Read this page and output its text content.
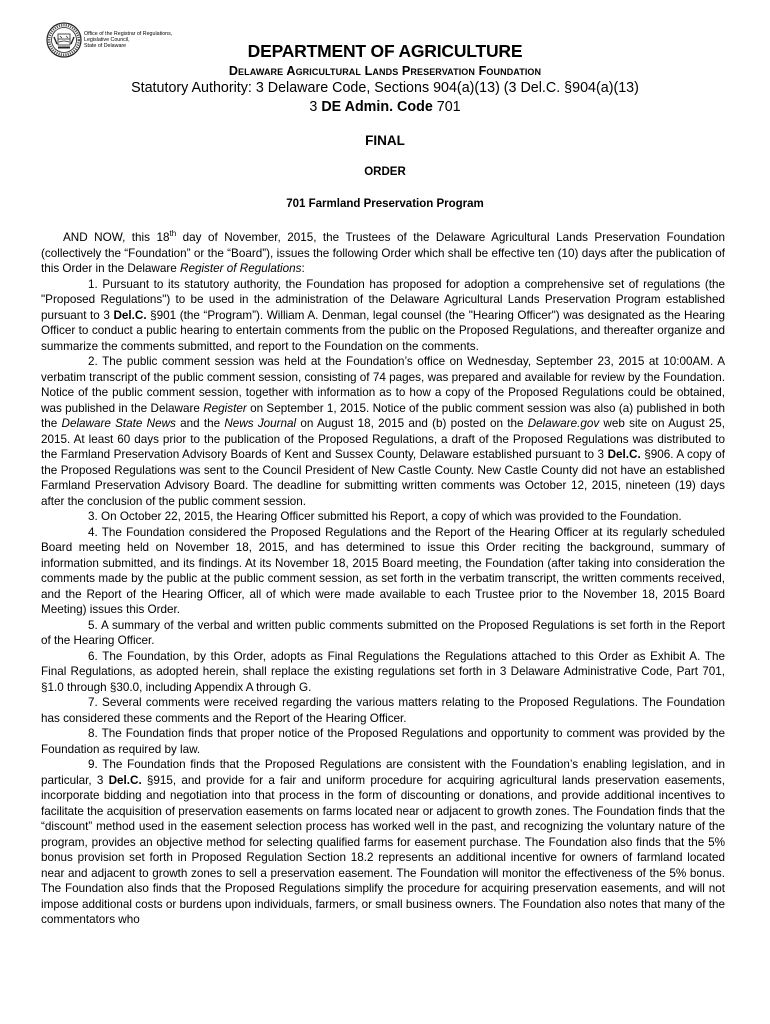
Office of the Registrar of Regulations,
Legislative Council,
State of Delaware	DEPARTMENT OF AGRICULTURE
Delaware Agricultural Lands Preservation Foundation
Statutory Authority: 3 Delaware Code, Sections 904(a)(13) (3 Del.C. §904(a)(13)
3 DE Admin. Code 701
FINAL
ORDER
701 Farmland Preservation Program

AND NOW, this 18th day of November, 2015, the Trustees of the Delaware Agricultural Lands Preservation Foundation (collectively the “Foundation” or the “Board”), issues the following Order which shall be effective ten (10) days after the publication of this Order in the Delaware Register of Regulations:

1. Pursuant to its statutory authority, the Foundation has proposed for adoption a comprehensive set of regulations (the "Proposed Regulations") to be used in the administration of the Delaware Agricultural Lands Preservation Program established pursuant to 3 Del.C. §901 (the “Program”). William A. Denman, legal counsel (the "Hearing Officer") was designated as the Hearing Officer to conduct a public hearing to entertain comments from the public on the Proposed Regulations, and thereafter organize and summarize the comments submitted, and report to the Foundation on the comments.

2. The public comment session was held at the Foundation’s office on Wednesday, September 23, 2015 at 10:00AM. A verbatim transcript of the public comment session, consisting of 74 pages, was prepared and available for review by the Foundation. Notice of the public comment session, together with information as to how a copy of the Proposed Regulations could be obtained, was published in the Delaware Register on September 1, 2015. Notice of the public comment session was also (a) published in both the Delaware State News and the News Journal on August 18, 2015 and (b) posted on the Delaware.gov web site on August 25, 2015. At least 60 days prior to the publication of the Proposed Regulations, a draft of the Proposed Regulations was distributed to the Farmland Preservation Advisory Boards of Kent and Sussex County, Delaware established pursuant to 3 Del.C. §906. A copy of the Proposed Regulations was sent to the Council President of New Castle County. New Castle County did not have an established Farmland Preservation Advisory Board. The deadline for submitting written comments was October 12, 2015, nineteen (19) days after the conclusion of the public comment session.

3. On October 22, 2015, the Hearing Officer submitted his Report, a copy of which was provided to the Foundation.

4. The Foundation considered the Proposed Regulations and the Report of the Hearing Officer at its regularly scheduled Board meeting held on November 18, 2015, and has determined to issue this Order reciting the background, summary of information submitted, and its findings. At its November 18, 2015 Board meeting, the Foundation (after taking into consideration the comments made by the public at the public comment session, as set forth in the verbatim transcript, the written comments received, and the Report of the Hearing Officer, all of which were made available to each Trustee prior to the November 18, 2015 Board Meeting) issues this Order.

5. A summary of the verbal and written public comments submitted on the Proposed Regulations is set forth in the Report of the Hearing Officer.

6. The Foundation, by this Order, adopts as Final Regulations the Regulations attached to this Order as Exhibit A. The Final Regulations, as adopted herein, shall replace the existing regulations set forth in 3 Delaware Administrative Code, Part 701, §1.0 through §30.0, including Appendix A through G.

7. Several comments were received regarding the various matters relating to the Proposed Regulations. The Foundation has considered these comments and the Report of the Hearing Officer.

8. The Foundation finds that proper notice of the Proposed Regulations and opportunity to comment was provided by the Foundation as required by law.

9. The Foundation finds that the Proposed Regulations are consistent with the Foundation’s enabling legislation, and in particular, 3 Del.C. §915, and provide for a fair and uniform procedure for acquiring agricultural lands preservation easements, incorporate bidding and negotiation into that process in the form of discounting or donations, and provide additional incentives to facilitate the acquisition of preservation easements on farms located near or adjacent to growth zones. The Foundation finds that the “discount” method used in the easement selection process has worked well in the past, and recognizing the voluntary nature of the program, provides an objective method for selecting qualified farms for easement purchase. The Foundation also finds that the 5% bonus provision set forth in Proposed Regulation Section 18.2 represents an additional incentive for owners of farmland located near and adjacent to growth zones to sell a preservation easement. The Foundation will monitor the effectiveness of the 5% bonus. The Foundation also finds that the Proposed Regulations simplify the procedure for acquiring preservation easements, and will not impose additional costs or burdens upon individuals, farmers, or small business owners. The Foundation also notes that many of the commentators who
